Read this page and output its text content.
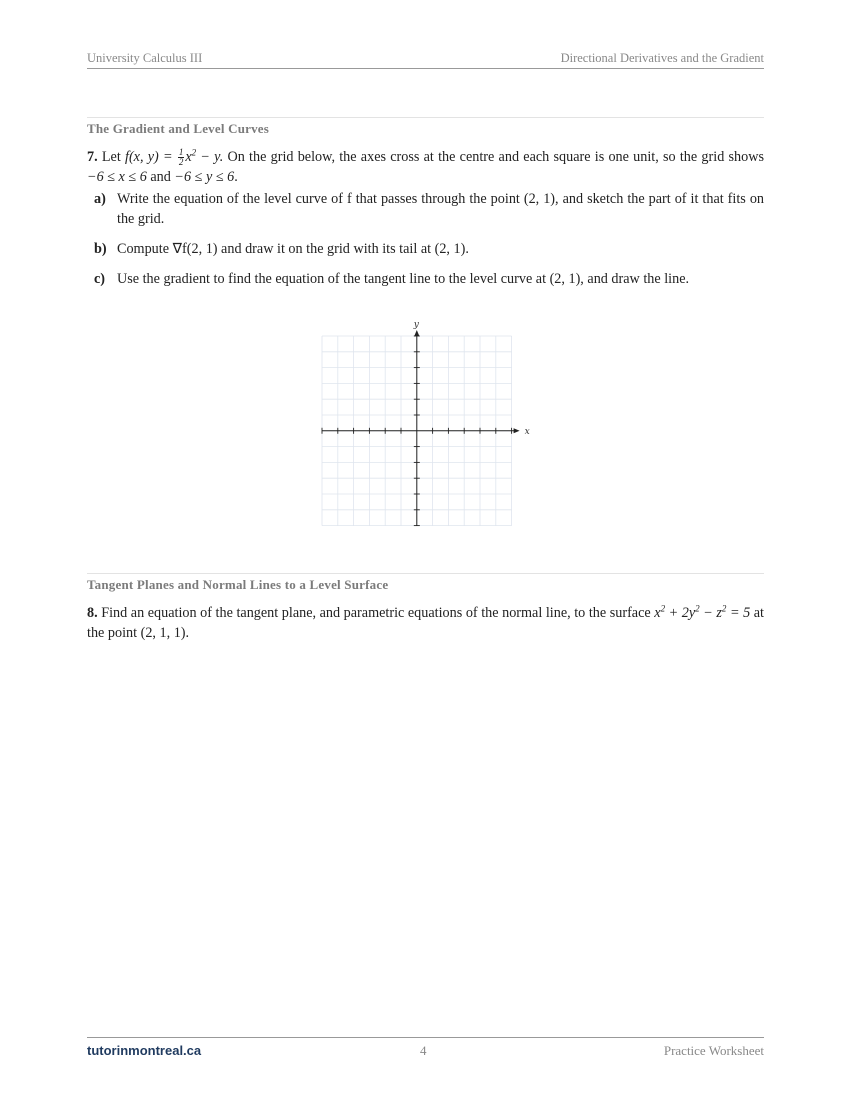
University Calculus III	Directional Derivatives and the Gradient
The Gradient and Level Curves
7. Let f(x, $y) = \frac{1}{2} x^2 - y$. On the grid below, the axes cross at the centre and each square is one unit, so the grid shows −6 ≤ x ≤ 6 and −6 ≤ y ≤ 6.
a) Write the equation of the level curve of f that passes through the point (2, 1), and sketch the part of it that fits on the grid.
b) Compute ∇f(2, 1) and draw it on the grid with its tail at (2, 1).
c) Use the gradient to find the equation of the tangent line to the level curve at (2, 1), and draw the line.
x
y
Tangent Planes and Normal Lines to a Level Surface
8. Find an equation of the tangent plane, and parametric equations of the normal line, to the surface $x^2 + 2y^2 - z^2 = 5$ at the point (2, 1, 1).
tutorinmontreal.ca	4	Practice Worksheet
